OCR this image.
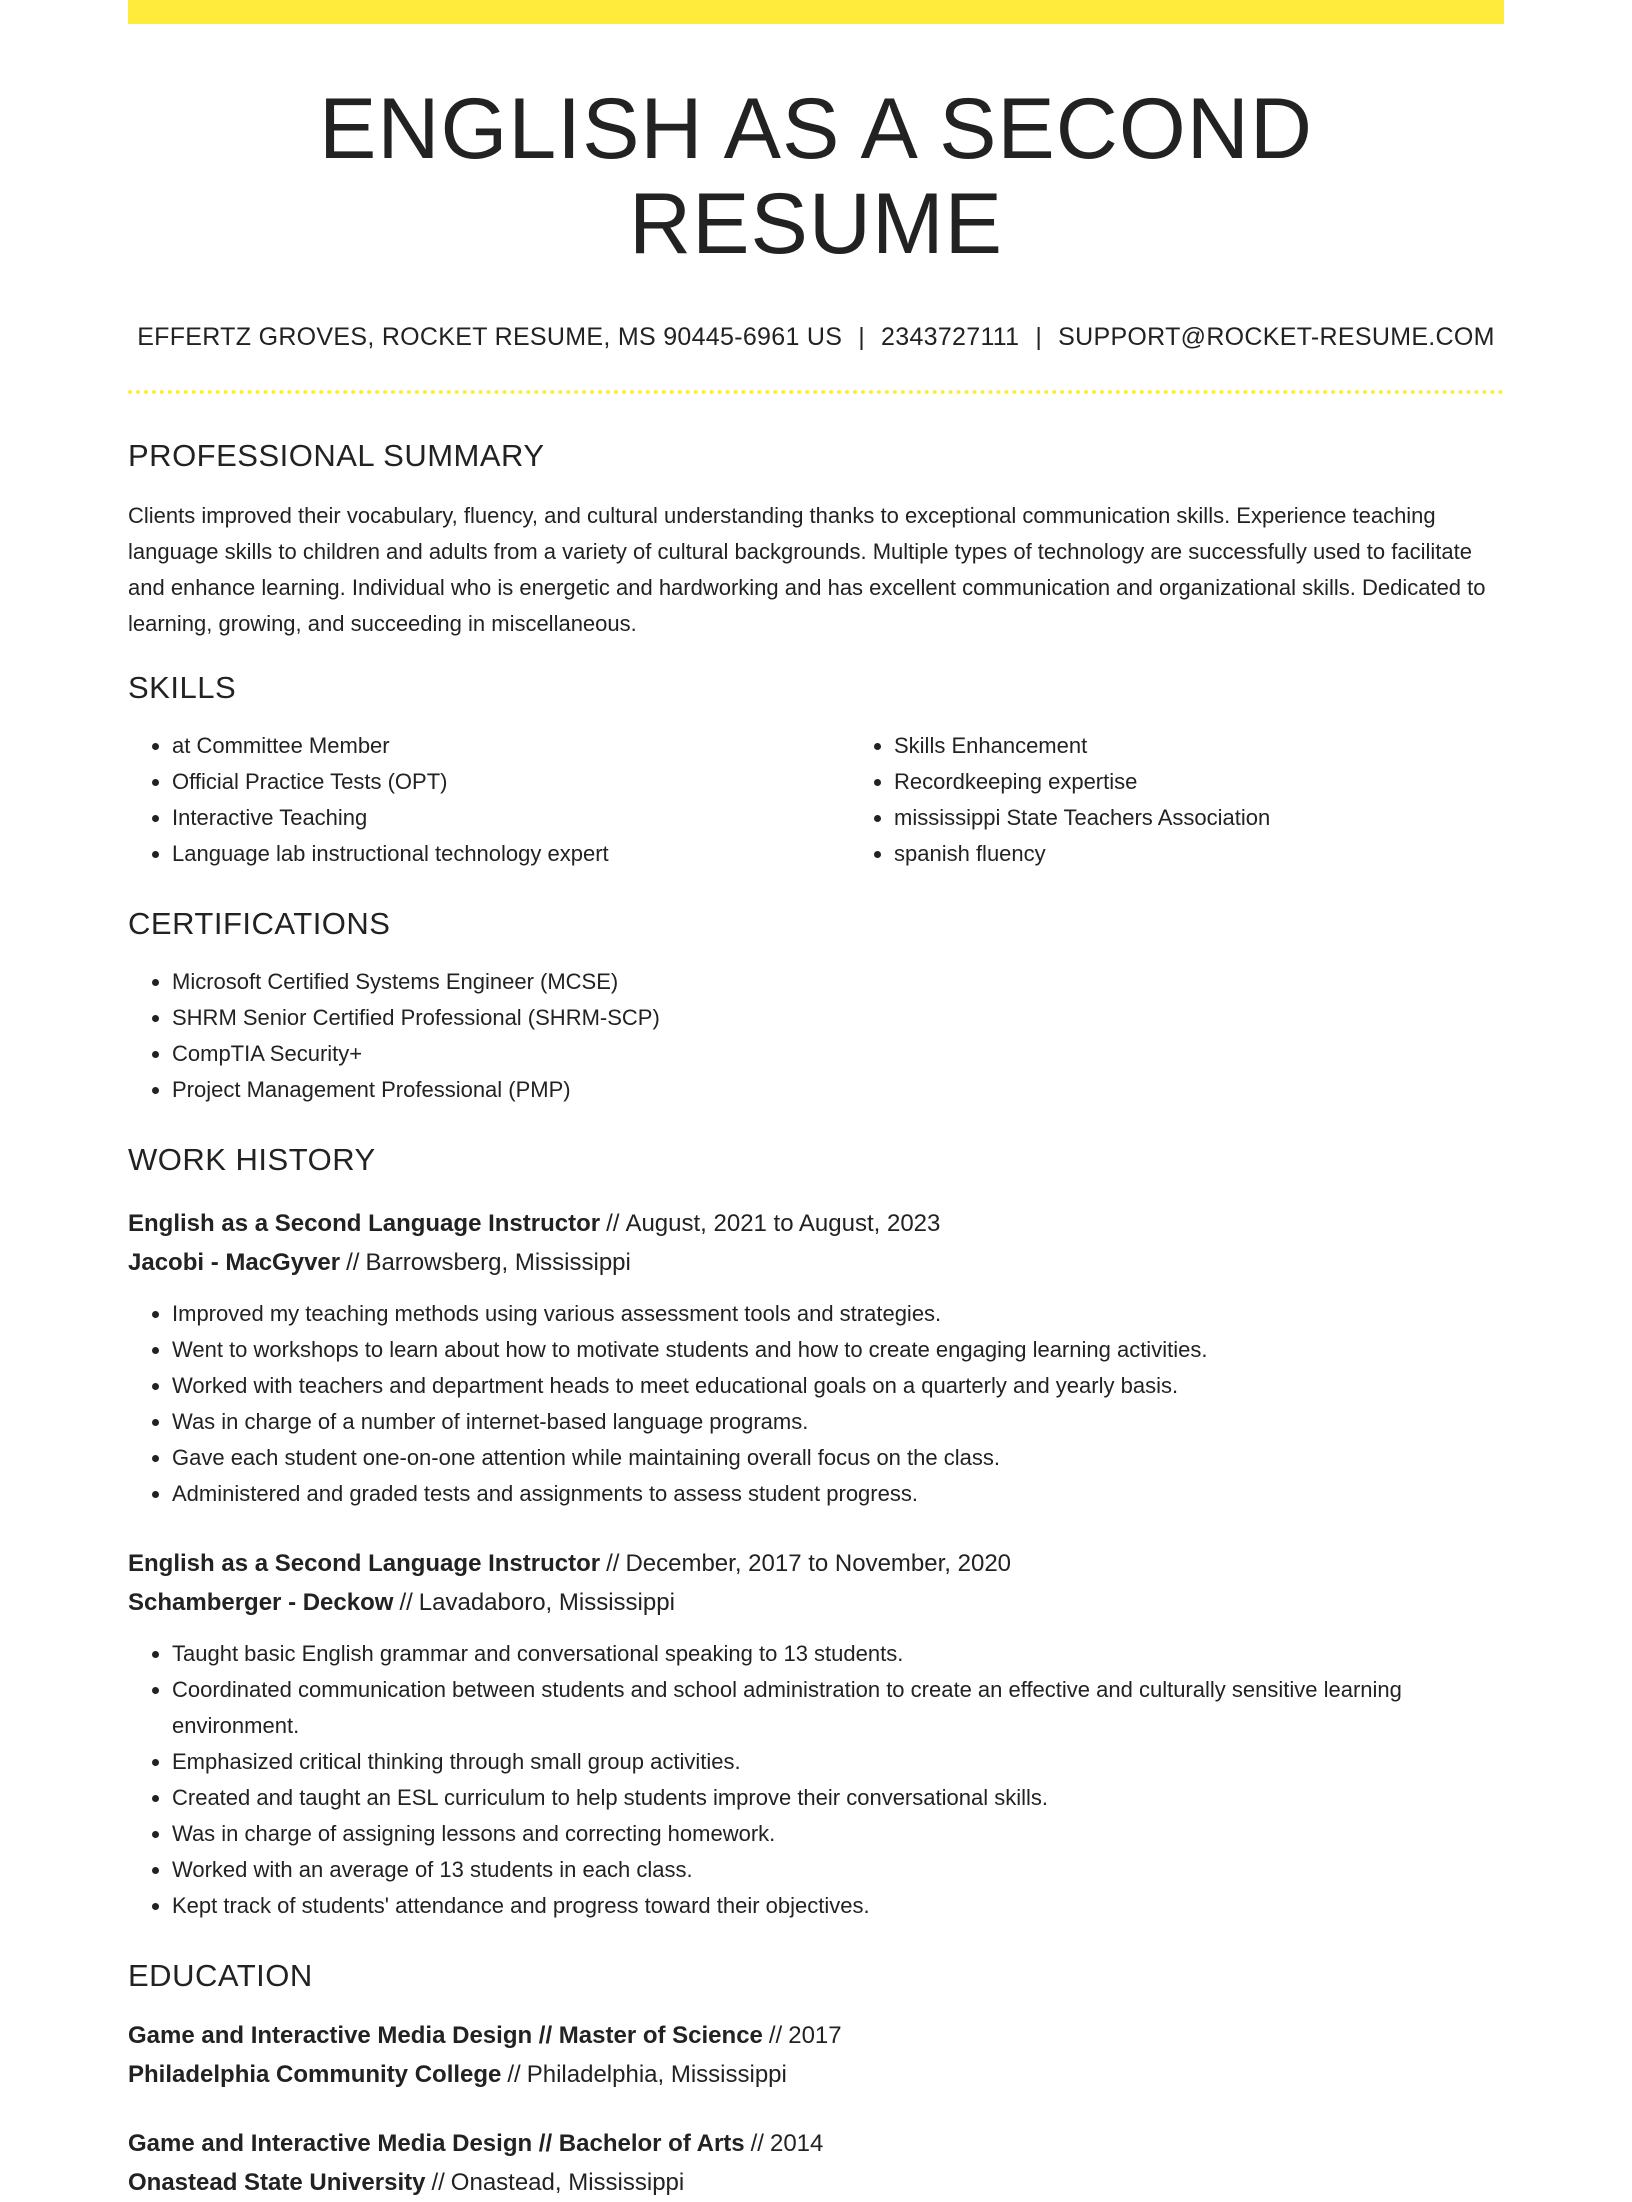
ENGLISH AS A SECOND RESUME
EFFERTZ GROVES, ROCKET RESUME, MS 90445-6961 US | 2343727111 | SUPPORT@ROCKET-RESUME.COM
PROFESSIONAL SUMMARY

Clients improved their vocabulary, fluency, and cultural understanding thanks to exceptional communication skills. Experience teaching language skills to children and adults from a variety of cultural backgrounds. Multiple types of technology are successfully used to facilitate and enhance learning. Individual who is energetic and hardworking and has excellent communication and organizational skills. Dedicated to learning, growing, and succeeding in miscellaneous.

SKILLS
• at Committee Member
• Official Practice Tests (OPT)
• Interactive Teaching
• Language lab instructional technology expert
• Skills Enhancement
• Recordkeeping expertise
• mississippi State Teachers Association
• spanish fluency
CERTIFICATIONS
• Microsoft Certified Systems Engineer (MCSE)
• SHRM Senior Certified Professional (SHRM-SCP)
• CompTIA Security+
• Project Management Professional (PMP)
WORK HISTORY
English as a Second Language Instructor // August, 2021 to August, 2023
Jacobi - MacGyver // Barrowsberg, Mississippi
• Improved my teaching methods using various assessment tools and strategies.
• Went to workshops to learn about how to motivate students and how to create engaging learning activities.
• Worked with teachers and department heads to meet educational goals on a quarterly and yearly basis.
• Was in charge of a number of internet-based language programs.
• Gave each student one-on-one attention while maintaining overall focus on the class.
• Administered and graded tests and assignments to assess student progress.
English as a Second Language Instructor // December, 2017 to November, 2020
Schamberger - Deckow // Lavadaboro, Mississippi
• Taught basic English grammar and conversational speaking to 13 students.
• Coordinated communication between students and school administration to create an effective and culturally sensitive learning environment.
• Emphasized critical thinking through small group activities.
• Created and taught an ESL curriculum to help students improve their conversational skills.
• Was in charge of assigning lessons and correcting homework.
• Worked with an average of 13 students in each class.
• Kept track of students' attendance and progress toward their objectives.
EDUCATION
Game and Interactive Media Design // Master of Science // 2017
Philadelphia Community College // Philadelphia, Mississippi
Game and Interactive Media Design // Bachelor of Arts // 2014
Onastead State University // Onastead, Mississippi
